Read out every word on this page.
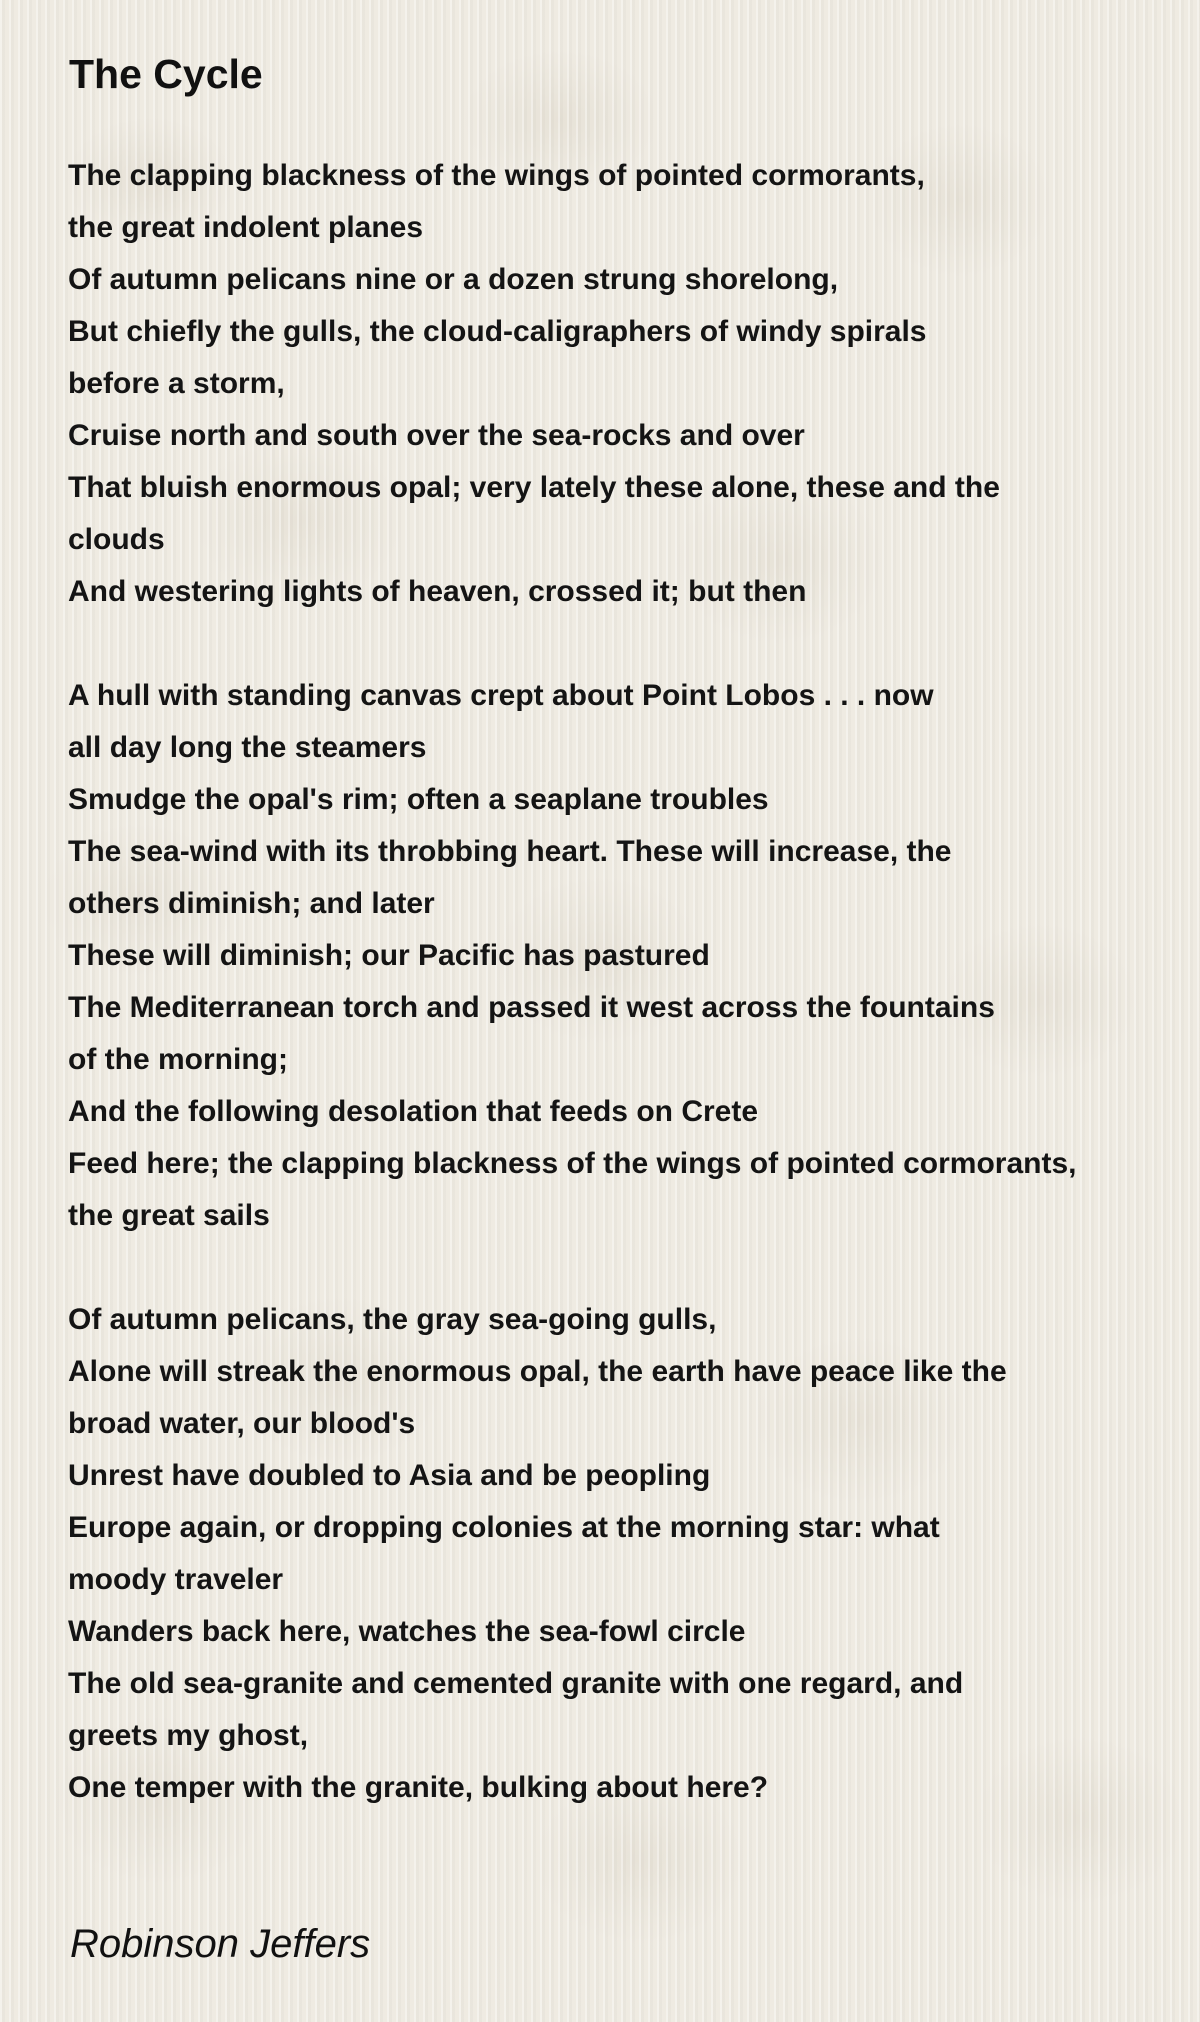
The Cycle

The clapping blackness of the wings of pointed cormorants,
the great indolent planes
Of autumn pelicans nine or a dozen strung shorelong,
But chiefly the gulls, the cloud-caligraphers of windy spirals
before a storm,
Cruise north and south over the sea-rocks and over
That bluish enormous opal; very lately these alone, these and the
clouds
And westering lights of heaven, crossed it; but then

A hull with standing canvas crept about Point Lobos . . . now
all day long the steamers
Smudge the opal's rim; often a seaplane troubles
The sea-wind with its throbbing heart. These will increase, the
others diminish; and later
These will diminish; our Pacific has pastured
The Mediterranean torch and passed it west across the fountains
of the morning;
And the following desolation that feeds on Crete
Feed here; the clapping blackness of the wings of pointed cormorants,
the great sails

Of autumn pelicans, the gray sea-going gulls,
Alone will streak the enormous opal, the earth have peace like the
broad water, our blood's
Unrest have doubled to Asia and be peopling
Europe again, or dropping colonies at the morning star: what
moody traveler
Wanders back here, watches the sea-fowl circle
The old sea-granite and cemented granite with one regard, and
greets my ghost,
One temper with the granite, bulking about here?

Robinson Jeffers
